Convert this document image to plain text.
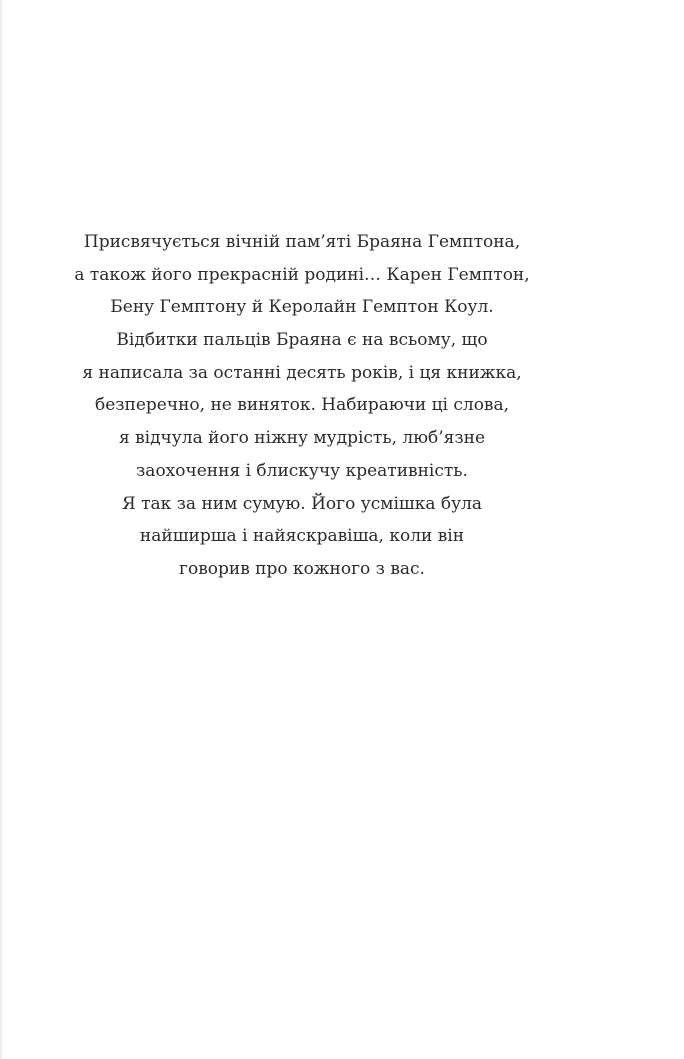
Присвячується вічній пам’яті Браяна Гемптона,
а також його прекрасній родині… Карен Гемптон,
Бену Гемптону й Керолайн Гемптон Коул.
Відбитки пальців Браяна є на всьому, що
я написала за останні десять років, і ця книжка,
безперечно, не виняток. Набираючи ці слова,
я відчула його ніжну мудрість, люб’язне
заохочення і блискучу креативність.
Я так за ним сумую. Його усмішка була
найширша і найяскравіша, коли він
говорив про кожного з вас.
